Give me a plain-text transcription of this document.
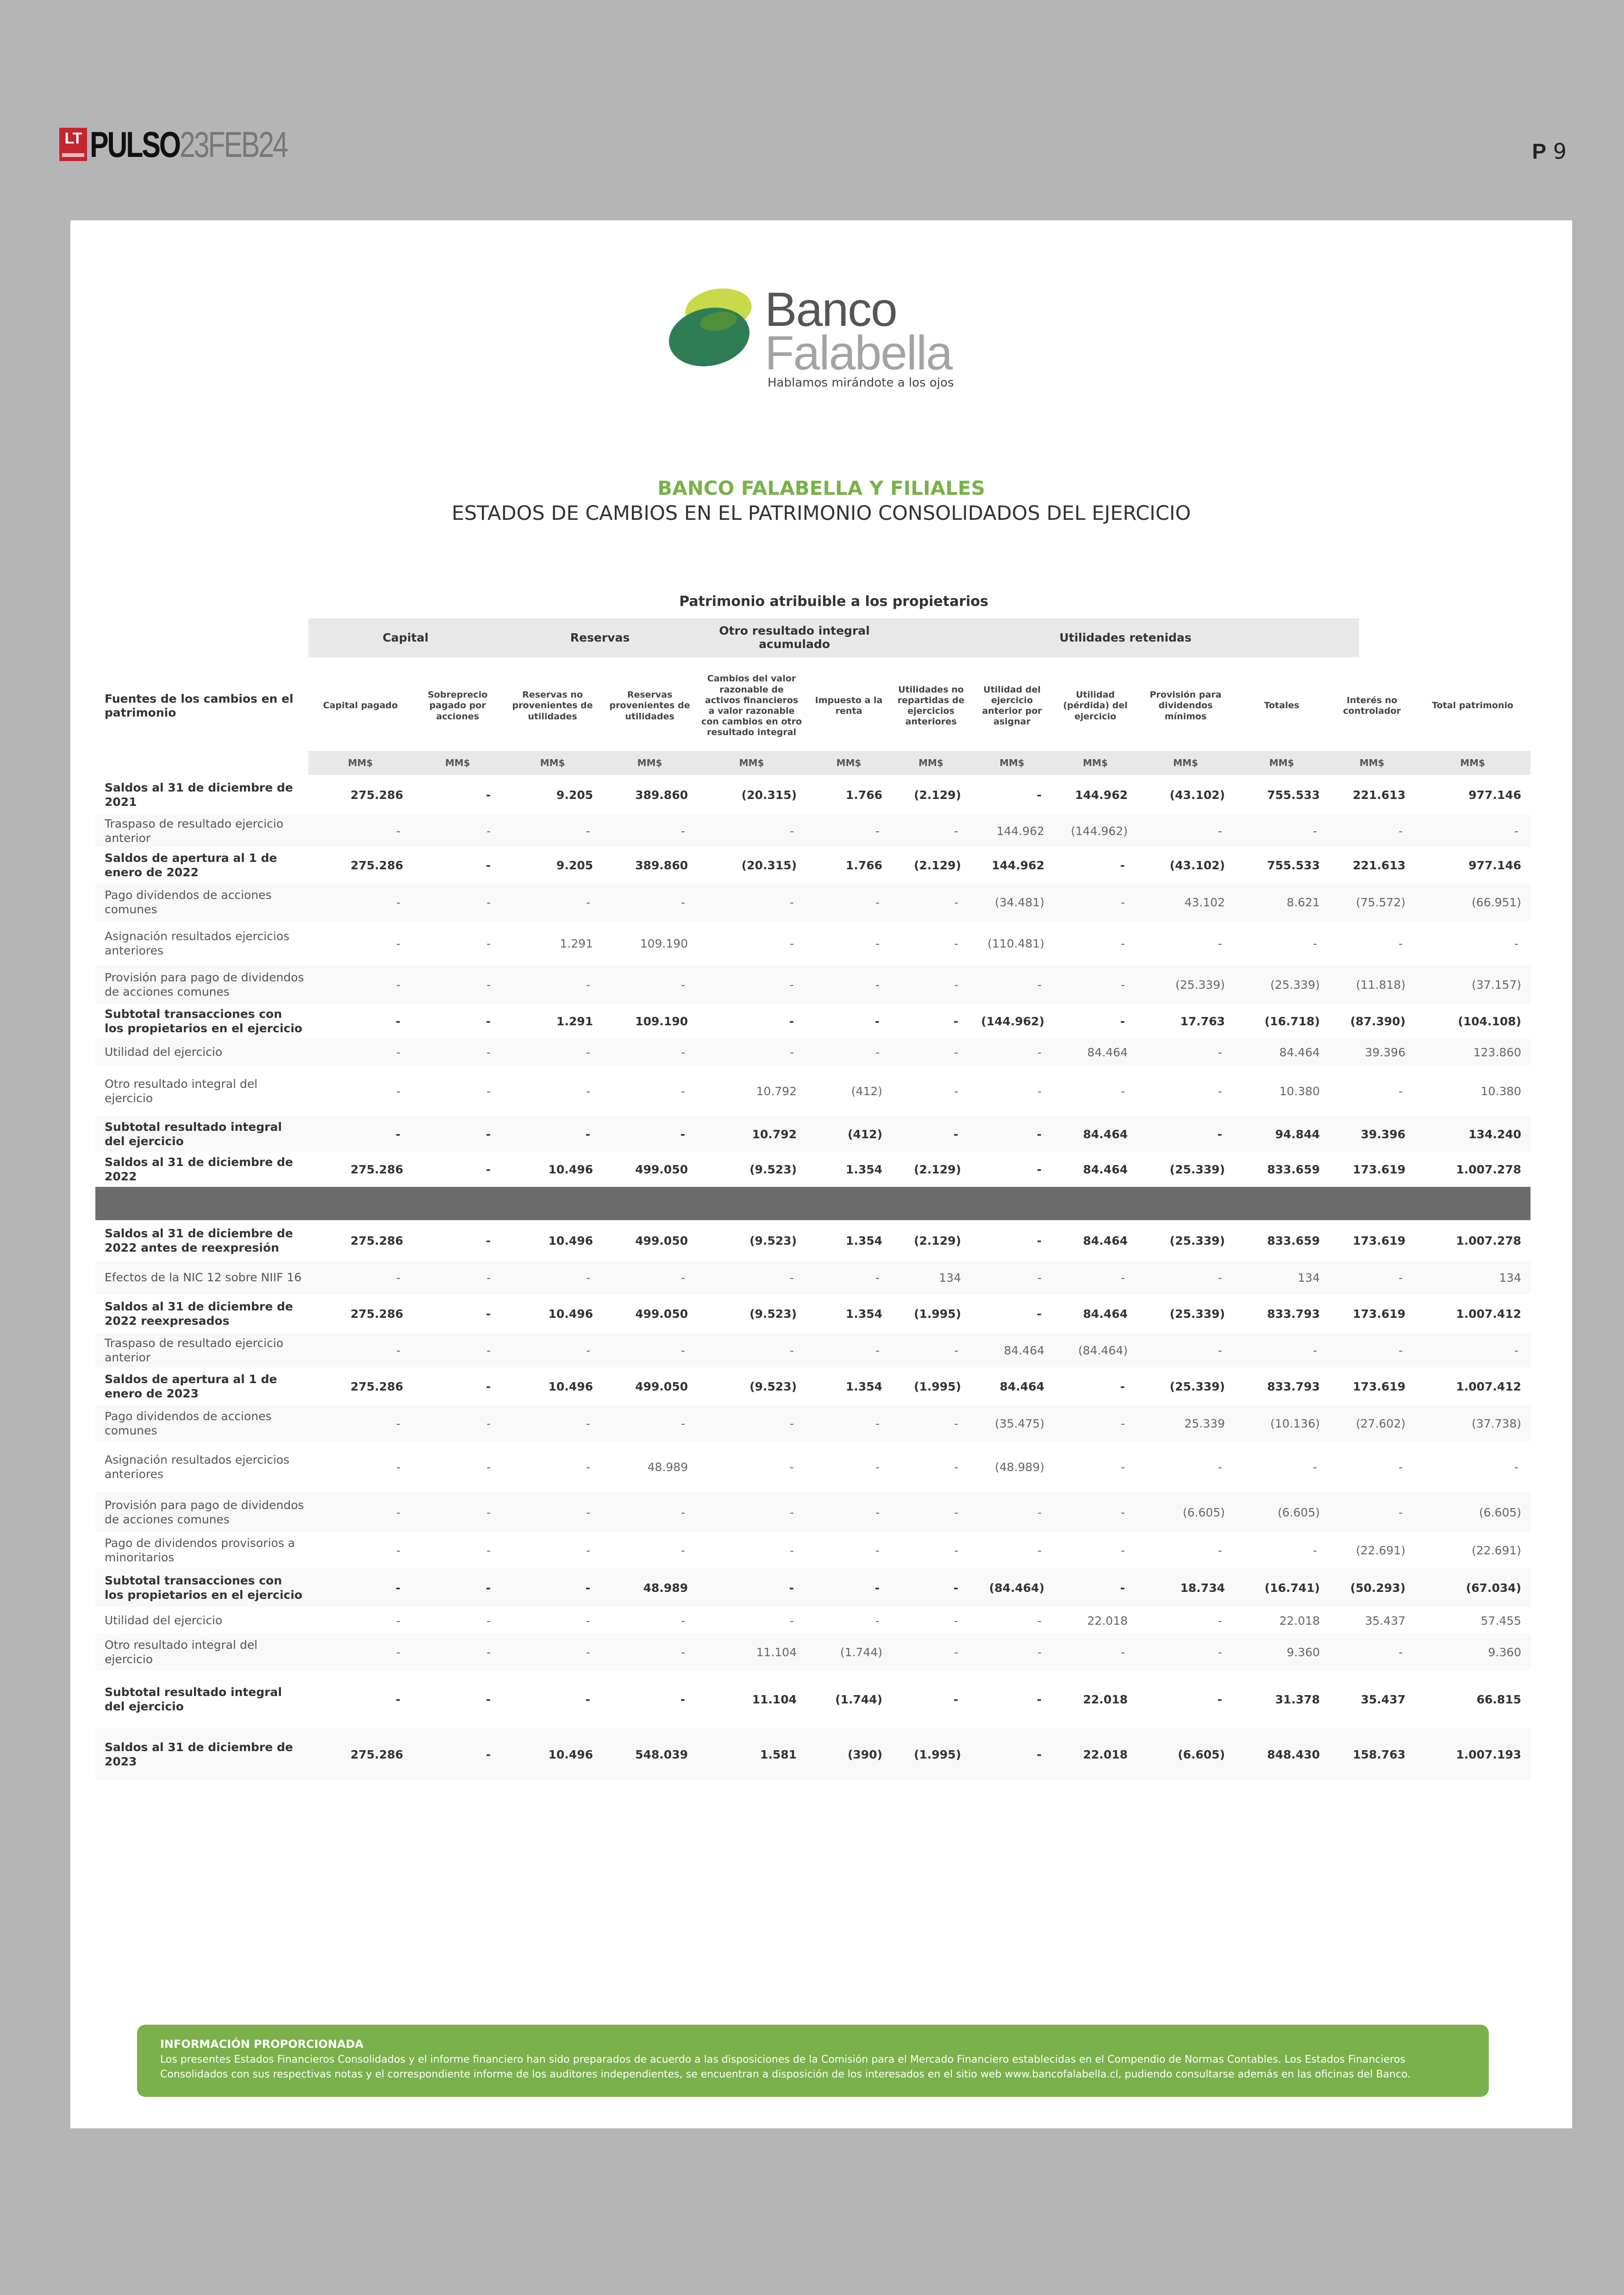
LT PULSO23FEB24	P 9
Banco
Falabella
Hablamos mirándote a los ojos
BANCO FALABELLA Y FILIALES
ESTADOS DE CAMBIOS EN EL PATRIMONIO CONSOLIDADOS DEL EJERCICIO
Patrimonio atribuible a los propietarios
Capital	Reservas	Otro resultado integral acumulado	Utilidades retenidas
Fuentes de los cambios en el patrimonio	Capital pagado	Sobreprecio pagado por acciones	Reservas no provenientes de utilidades	Reservas provenientes de utilidades	Cambios del valor razonable de activos financieros a valor razonable con cambios en otro resultado integral	Impuesto a la renta	Utilidades no repartidas de ejercicios anteriores	Utilidad del ejercicio anterior por asignar	Utilidad (pérdida) del ejercicio	Provisión para dividendos mínimos	Totales	Interés no controlador	Total patrimonio
	MM$	MM$	MM$	MM$	MM$	MM$	MM$	MM$	MM$	MM$	MM$	MM$	MM$
Saldos al 31 de diciembre de 2021	275.286	-	9.205	389.860	(20.315)	1.766	(2.129)	-	144.962	(43.102)	755.533	221.613	977.146
Traspaso de resultado ejercicio anterior	-	-	-	-	-	-	-	144.962	(144.962)	-	-	-	-
Saldos de apertura al 1 de enero de 2022	275.286	-	9.205	389.860	(20.315)	1.766	(2.129)	144.962	-	(43.102)	755.533	221.613	977.146
Pago dividendos de acciones comunes	-	-	-	-	-	-	-	(34.481)	-	43.102	8.621	(75.572)	(66.951)
Asignación resultados ejercicios anteriores	-	-	1.291	109.190	-	-	-	(110.481)	-	-	-	-	-
Provisión para pago de dividendos de acciones comunes	-	-	-	-	-	-	-	-	-	(25.339)	(25.339)	(11.818)	(37.157)
Subtotal transacciones con los propietarios en el ejercicio	-	-	1.291	109.190	-	-	-	(144.962)	-	17.763	(16.718)	(87.390)	(104.108)
Utilidad del ejercicio	-	-	-	-	-	-	-	-	84.464	-	84.464	39.396	123.860
Otro resultado integral del ejercicio	-	-	-	-	10.792	(412)	-	-	-	-	10.380	-	10.380
Subtotal resultado integral del ejercicio	-	-	-	-	10.792	(412)	-	-	84.464	-	94.844	39.396	134.240
Saldos al 31 de diciembre de 2022	275.286	-	10.496	499.050	(9.523)	1.354	(2.129)	-	84.464	(25.339)	833.659	173.619	1.007.278

Saldos al 31 de diciembre de 2022 antes de reexpresión	275.286	-	10.496	499.050	(9.523)	1.354	(2.129)	-	84.464	(25.339)	833.659	173.619	1.007.278
Efectos de la NIC 12 sobre NIIF 16	-	-	-	-	-	-	134	-	-	-	134	-	134
Saldos al 31 de diciembre de 2022 reexpresados	275.286	-	10.496	499.050	(9.523)	1.354	(1.995)	-	84.464	(25.339)	833.793	173.619	1.007.412
Traspaso de resultado ejercicio anterior	-	-	-	-	-	-	-	84.464	(84.464)	-	-	-	-
Saldos de apertura al 1 de enero de 2023	275.286	-	10.496	499.050	(9.523)	1.354	(1.995)	84.464	-	(25.339)	833.793	173.619	1.007.412
Pago dividendos de acciones comunes	-	-	-	-	-	-	-	(35.475)	-	25.339	(10.136)	(27.602)	(37.738)
Asignación resultados ejercicios anteriores	-	-	-	48.989	-	-	-	(48.989)	-	-	-	-	-
Provisión para pago de dividendos de acciones comunes	-	-	-	-	-	-	-	-	-	(6.605)	(6.605)	-	(6.605)
Pago de dividendos provisorios a minoritarios	-	-	-	-	-	-	-	-	-	-	-	(22.691)	(22.691)
Subtotal transacciones con los propietarios en el ejercicio	-	-	-	48.989	-	-	-	(84.464)	-	18.734	(16.741)	(50.293)	(67.034)
Utilidad del ejercicio	-	-	-	-	-	-	-	-	22.018	-	22.018	35.437	57.455
Otro resultado integral del ejercicio	-	-	-	-	11.104	(1.744)	-	-	-	-	9.360	-	9.360
Subtotal resultado integral del ejercicio	-	-	-	-	11.104	(1.744)	-	-	22.018	-	31.378	35.437	66.815
Saldos al 31 de diciembre de 2023	275.286	-	10.496	548.039	1.581	(390)	(1.995)	-	22.018	(6.605)	848.430	158.763	1.007.193
INFORMACIÓN PROPORCIONADA
Los presentes Estados Financieros Consolidados y el informe financiero han sido preparados de acuerdo a las disposiciones de la Comisión para el Mercado Financiero establecidas en el Compendio de Normas Contables. Los Estados Financieros Consolidados con sus respectivas notas y el correspondiente informe de los auditores independientes, se encuentran a disposición de los interesados en el sitio web www.bancofalabella.cl, pudiendo consultarse además en las oficinas del Banco.
